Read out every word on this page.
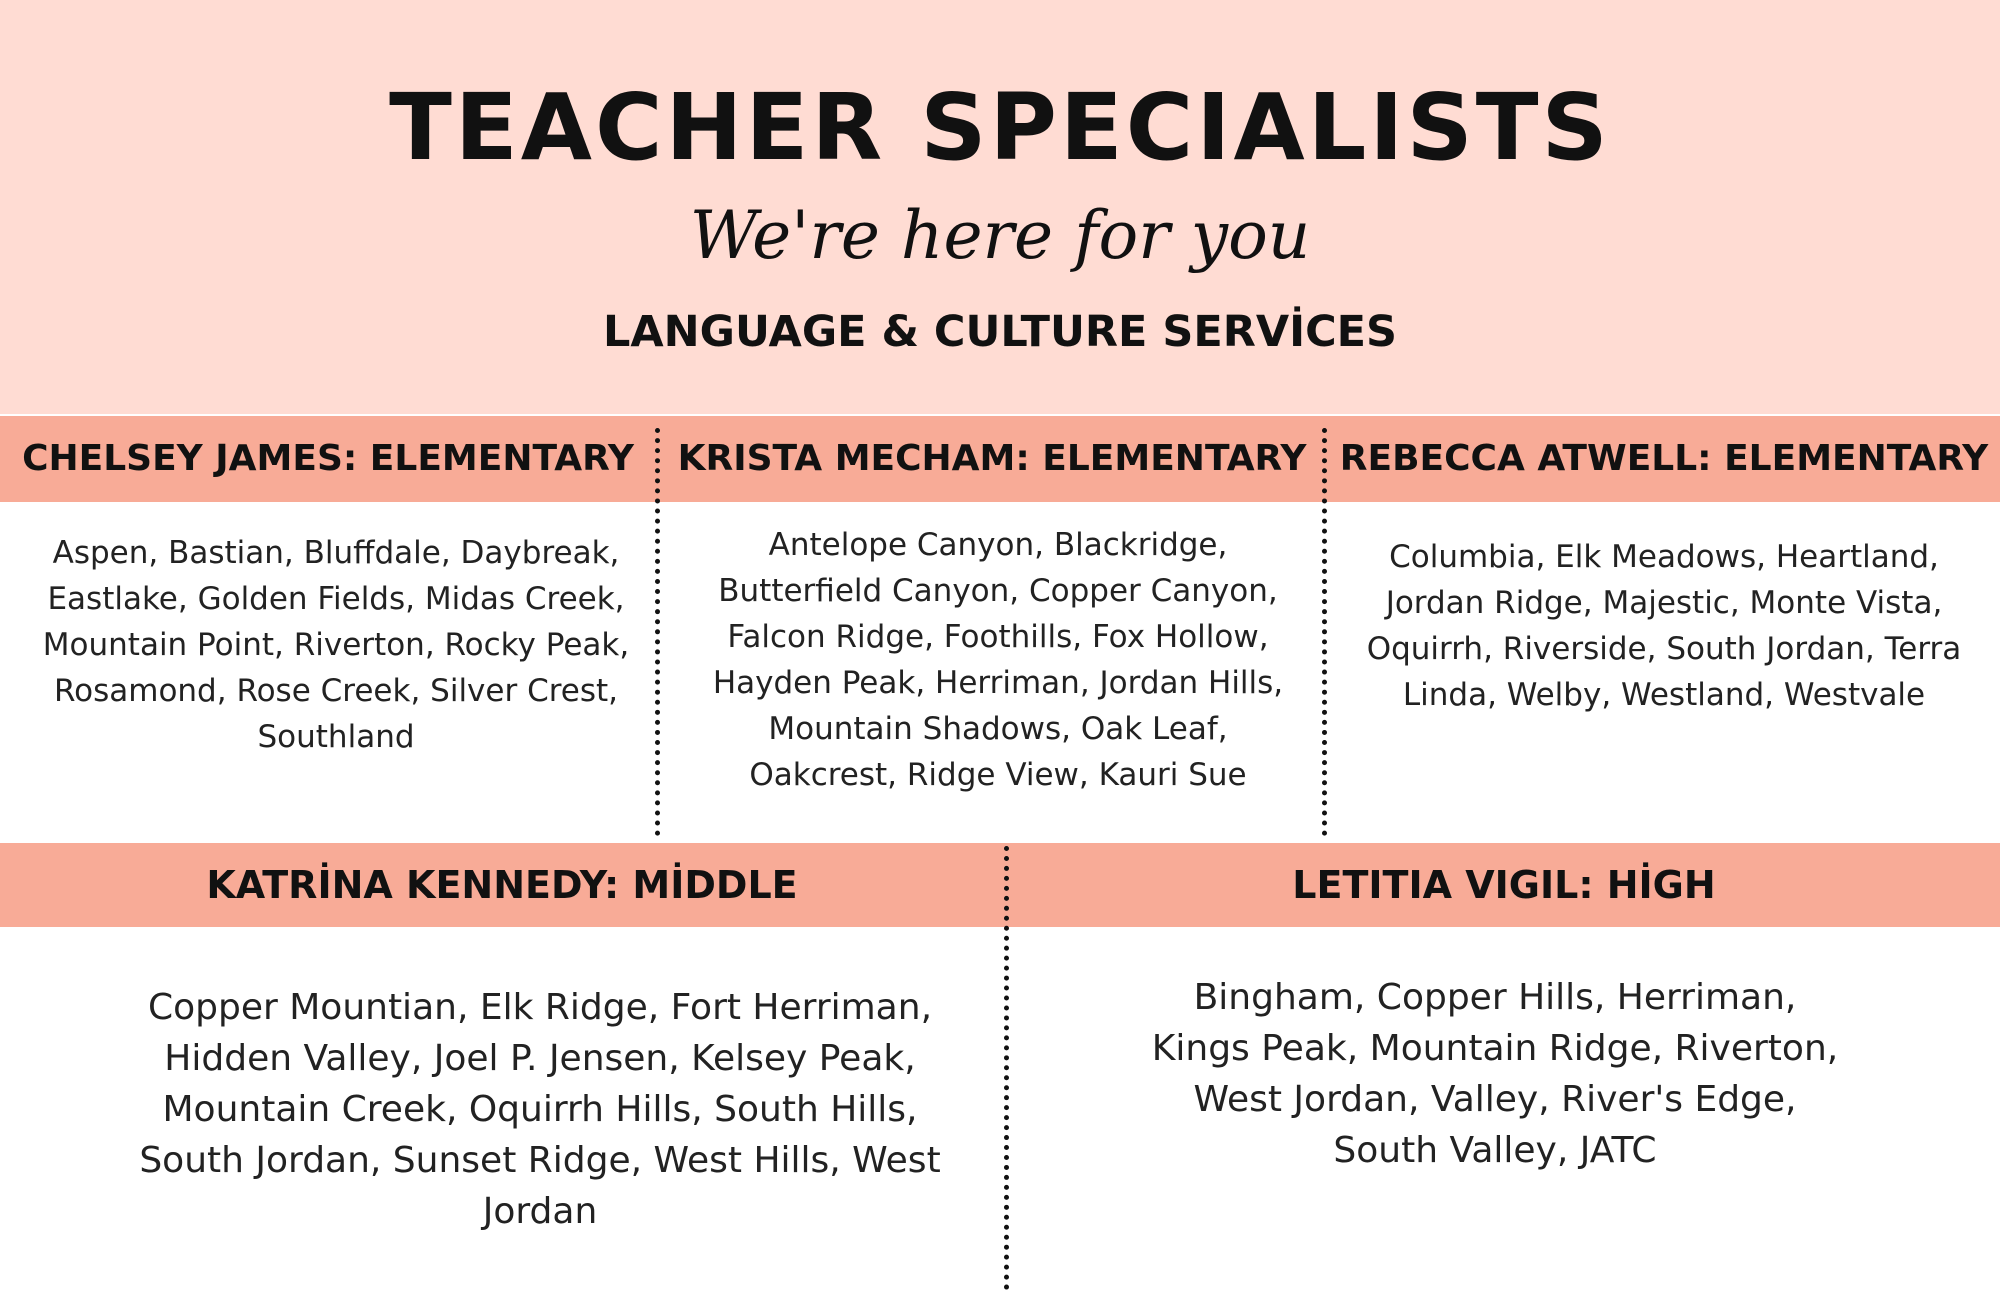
TEACHER SPECIALISTS
We're here for you
LANGUAGE & CULTURE SERVİCES
CHELSEY JAMES: ELEMENTARY	KRISTA MECHAM: ELEMENTARY REBECCA ATWELL: ELEMENTARY
Aspen, Bastian, Bluffdale, Daybreak, Eastlake, Golden Fields, Midas Creek, Mountain Point, Riverton, Rocky Peak, Rosamond, Rose Creek, Silver Crest, Southland
Antelope Canyon, Blackridge, Butterfield Canyon, Copper Canyon, Falcon Ridge, Foothills, Fox Hollow, Hayden Peak, Herriman, Jordan Hills, Mountain Shadows, Oak Leaf, Oakcrest, Ridge View, Kauri Sue
Columbia, Elk Meadows, Heartland, Jordan Ridge, Majestic, Monte Vista, Oquirrh, Riverside, South Jordan, Terra Linda, Welby, Westland, Westvale
KATRİNA KENNEDY: MİDDLE	LETITIA VIGIL: HİGH
Copper Mountian, Elk Ridge, Fort Herriman, Hidden Valley, Joel P. Jensen, Kelsey Peak, Mountain Creek, Oquirrh Hills, South Hills, South Jordan, Sunset Ridge, West Hills, West Jordan
Bingham, Copper Hills, Herriman, Kings Peak, Mountain Ridge, Riverton, West Jordan, Valley, River's Edge, South Valley, JATC
